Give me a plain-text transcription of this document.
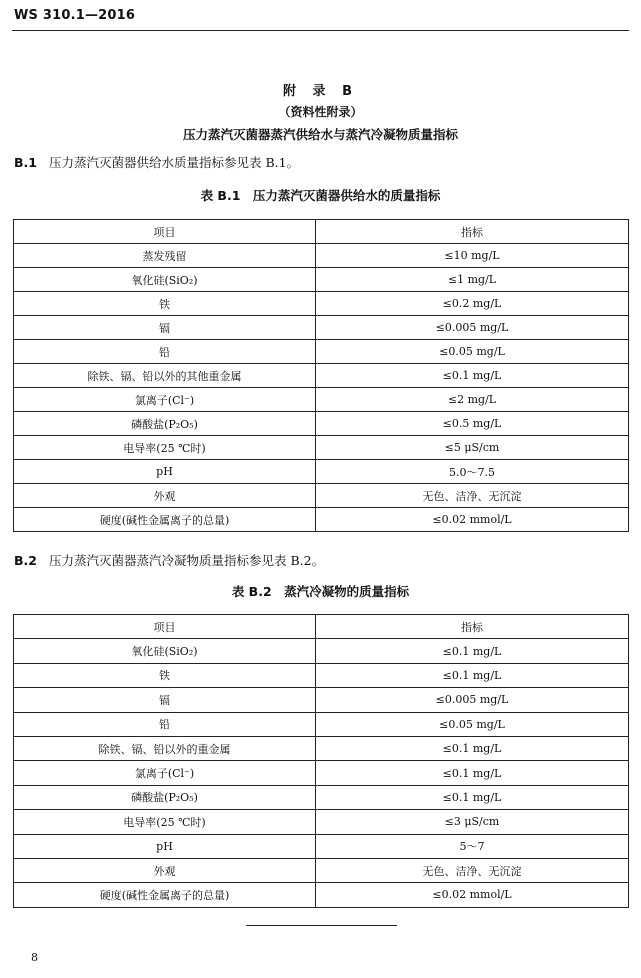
WS 310.1—2016
附 录 B
（资料性附录）
压力蒸汽灭菌器蒸汽供给水与蒸汽冷凝物质量指标
B.1 压力蒸汽灭菌器供给水质量指标参见表 B.1。
表 B.1　压力蒸汽灭菌器供给水的质量指标
项目	指标
蒸发残留	≤10 mg/L
氧化硅(SiO₂)	≤1 mg/L
铁	≤0.2 mg/L
镉	≤0.005 mg/L
铅	≤0.05 mg/L
除铁、镉、铅以外的其他重金属	≤0.1 mg/L
氯离子(Cl⁻)	≤2 mg/L
磷酸盐(P₂O₅)	≤0.5 mg/L
电导率(25 ℃时)	≤5 μS/cm
pH	5.0～7.5
外观	无色、洁净、无沉淀
硬度(碱性金属离子的总量)	≤0.02 mmol/L
B.2 压力蒸汽灭菌器蒸汽冷凝物质量指标参见表 B.2。
表 B.2　蒸汽冷凝物的质量指标
项目	指标
氧化硅(SiO₂)	≤0.1 mg/L
铁	≤0.1 mg/L
镉	≤0.005 mg/L
铅	≤0.05 mg/L
除铁、镉、铅以外的重金属	≤0.1 mg/L
氯离子(Cl⁻)	≤0.1 mg/L
磷酸盐(P₂O₅)	≤0.1 mg/L
电导率(25 ℃时)	≤3 μS/cm
pH	5～7
外观	无色、洁净、无沉淀
硬度(碱性金属离子的总量)	≤0.02 mmol/L
8
